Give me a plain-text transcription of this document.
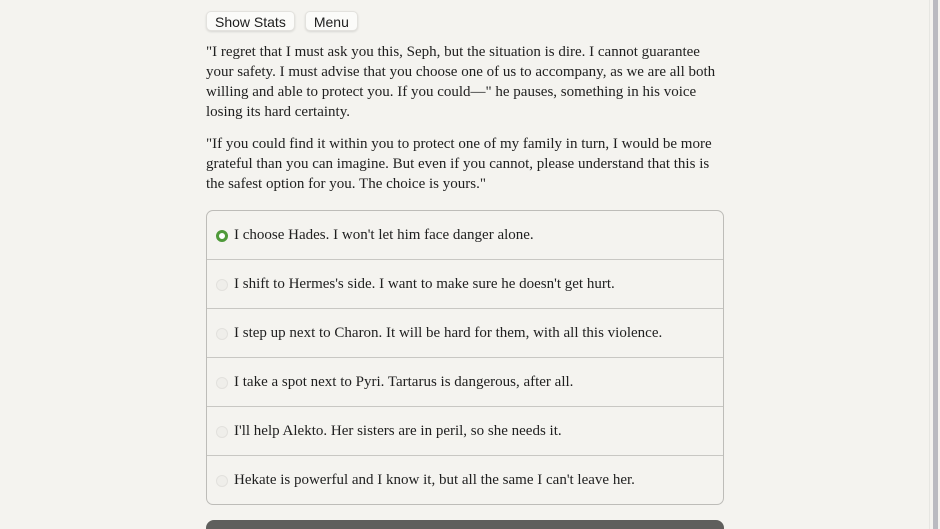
Show Stats	Menu

"I regret that I must ask you this, Seph, but the situation is dire. I cannot guarantee your safety. I must advise that you choose one of us to accompany, as we are all both willing and able to protect you. If you could—" he pauses, something in his voice losing its hard certainty.

"If you could find it within you to protect one of my family in turn, I would be more grateful than you can imagine. But even if you cannot, please understand that this is the safest option for you. The choice is yours."

I choose Hades. I won't let him face danger alone.
I shift to Hermes's side. I want to make sure he doesn't get hurt.
I step up next to Charon. It will be hard for them, with all this violence.
I take a spot next to Pyri. Tartarus is dangerous, after all.
I'll help Alekto. Her sisters are in peril, so she needs it.
Hekate is powerful and I know it, but all the same I can't leave her.
